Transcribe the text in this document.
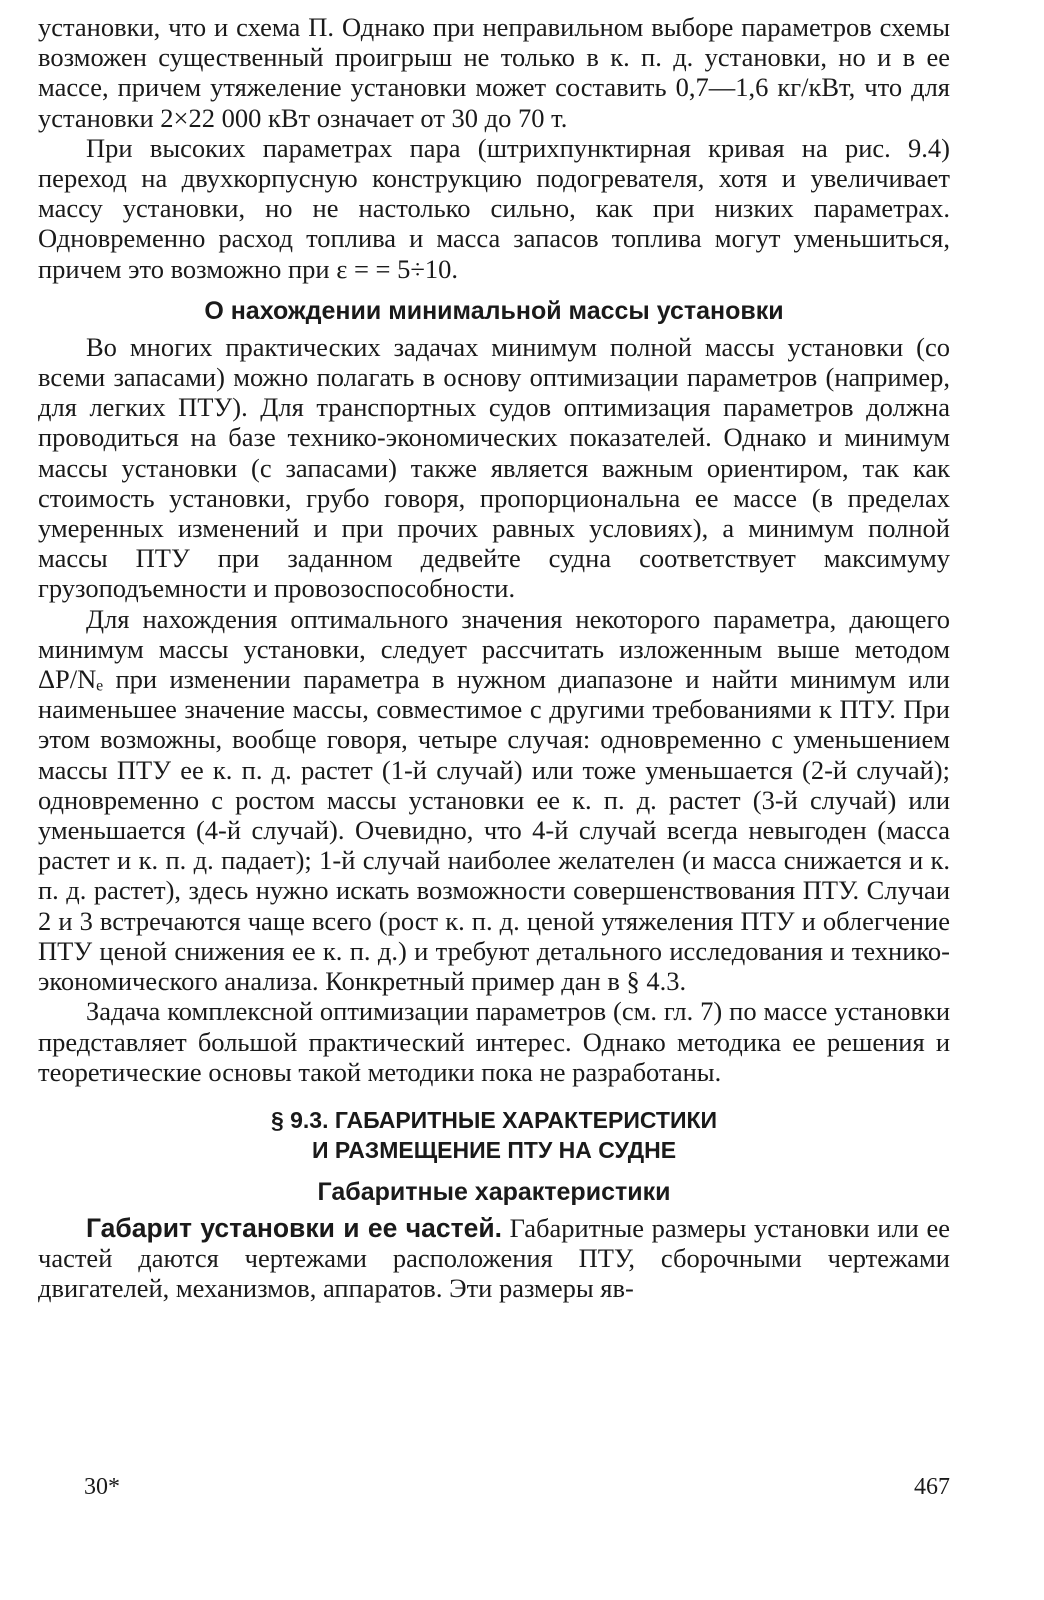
установки, что и схема П. Однако при неправильном выборе параметров схемы возможен существенный проигрыш не только в к. п. д. установки, но и в ее массе, причем утяжеление установки может составить 0,7—1,6 кг/кВт, что для установки 2×22 000 кВт означает от 30 до 70 т.

При высоких параметрах пара (штрихпунктирная кривая на рис. 9.4) переход на двухкорпусную конструкцию подогревателя, хотя и увеличивает массу установки, но не настолько сильно, как при низких параметрах. Одновременно расход топлива и масса запасов топлива могут уменьшиться, причем это возможно при ε = = 5÷10.

О нахождении минимальной массы установки

Во многих практических задачах минимум полной массы установки (со всеми запасами) можно полагать в основу оптимизации параметров (например, для легких ПТУ). Для транспортных судов оптимизация параметров должна проводиться на базе технико-экономических показателей. Однако и минимум массы установки (с запасами) также является важным ориентиром, так как стоимость установки, грубо говоря, пропорциональна ее массе (в пределах умеренных изменений и при прочих равных условиях), а минимум полной массы ПТУ при заданном дедвейте судна соответствует максимуму грузоподъемности и провозоспособности.

Для нахождения оптимального значения некоторого параметра, дающего минимум массы установки, следует рассчитать изложенным выше методом ΔP/Nₑ при изменении параметра в нужном диапазоне и найти минимум или наименьшее значение массы, совместимое с другими требованиями к ПТУ. При этом возможны, вообще говоря, четыре случая: одновременно с уменьшением массы ПТУ ее к. п. д. растет (1-й случай) или тоже уменьшается (2-й случай); одновременно с ростом массы установки ее к. п. д. растет (3-й случай) или уменьшается (4-й случай). Очевидно, что 4-й случай всегда невыгоден (масса растет и к. п. д. падает); 1-й случай наиболее желателен (и масса снижается и к. п. д. растет), здесь нужно искать возможности совершенствования ПТУ. Случаи 2 и 3 встречаются чаще всего (рост к. п. д. ценой утяжеления ПТУ и облегчение ПТУ ценой снижения ее к. п. д.) и требуют детального исследования и технико-экономического анализа. Конкретный пример дан в § 4.3.

Задача комплексной оптимизации параметров (см. гл. 7) по массе установки представляет большой практический интерес. Однако методика ее решения и теоретические основы такой методики пока не разработаны.

§ 9.3. ГАБАРИТНЫЕ ХАРАКТЕРИСТИКИ
И РАЗМЕЩЕНИЕ ПТУ НА СУДНЕ
Габаритные характеристики

Габарит установки и ее частей. Габаритные размеры установки или ее частей даются чертежами расположения ПТУ, сборочными чертежами двигателей, механизмов, аппаратов. Эти размеры яв-

30*	467
